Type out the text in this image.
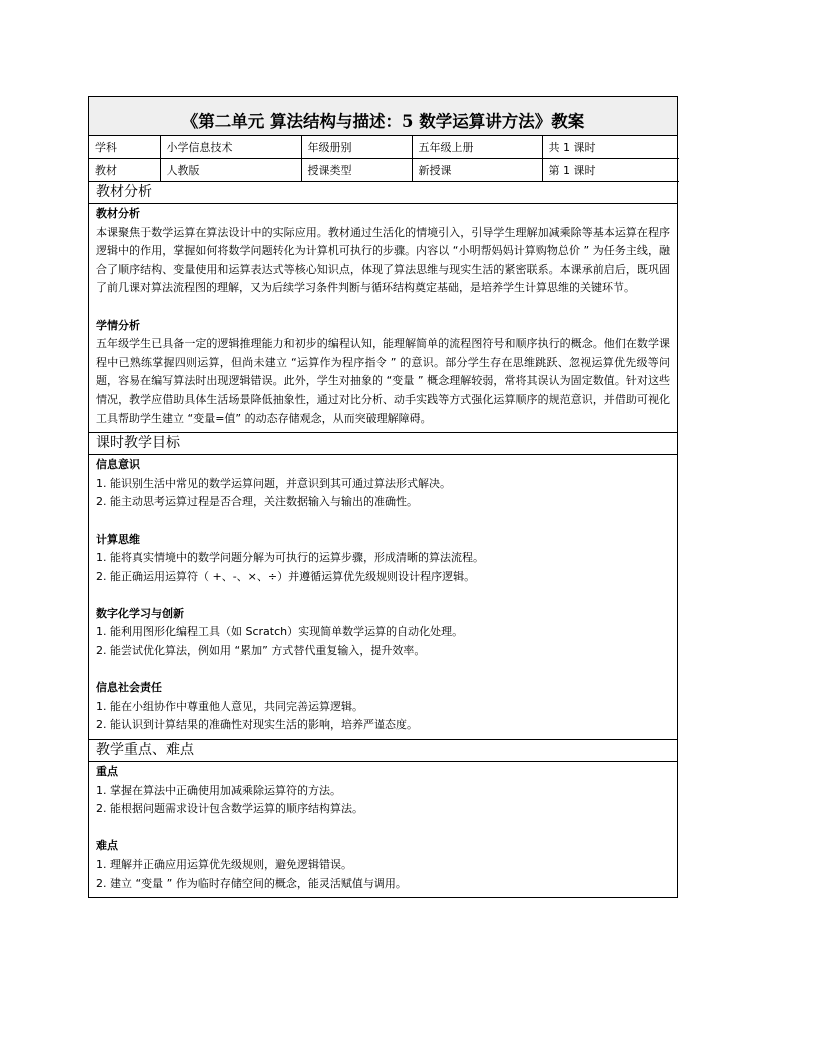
《第二单元 算法结构与描述：5 数学运算讲方法》教案
学科	小学信息技术	年级册别	五年级上册	共 1 课时
教材	人教版	授课类型	新授课	第 1 课时
教材分析
教材分析

本课聚焦于数学运算在算法设计中的实际应用。教材通过生活化的情境引入，引导学生理解加减乘除等基本运算在程序逻辑中的作用，掌握如何将数学问题转化为计算机可执行的步骤。内容以 “小明帮妈妈计算购物总价 ” 为任务主线，融合了顺序结构、变量使用和运算表达式等核心知识点，体现了算法思维与现实生活的紧密联系。本课承前启后，既巩固了前几课对算法流程图的理解，又为后续学习条件判断与循环结构奠定基础，是培养学生计算思维的关键环节。

学情分析

五年级学生已具备一定的逻辑推理能力和初步的编程认知，能理解简单的流程图符号和顺序执行的概念。他们在数学课程中已熟练掌握四则运算，但尚未建立 “运算作为程序指令 ” 的意识。部分学生存在思维跳跃、忽视运算优先级等问题，容易在编写算法时出现逻辑错误。此外，学生对抽象的 “变量 ” 概念理解较弱，常将其误认为固定数值。针对这些情况，教学应借助具体生活场景降低抽象性，通过对比分析、动手实践等方式强化运算顺序的规范意识，并借助可视化工具帮助学生建立 “变量=值” 的动态存储观念，从而突破理解障碍。

课时教学目标
信息意识
1. 能识别生活中常见的数学运算问题，并意识到其可通过算法形式解决。
2. 能主动思考运算过程是否合理，关注数据输入与输出的准确性。
计算思维
1. 能将真实情境中的数学问题分解为可执行的运算步骤，形成清晰的算法流程。
2. 能正确运用运算符（ +、-、×、÷）并遵循运算优先级规则设计程序逻辑。
数字化学习与创新
1. 能利用图形化编程工具（如 Scratch）实现简单数学运算的自动化处理。
2. 能尝试优化算法，例如用 “累加” 方式替代重复输入，提升效率。
信息社会责任
1. 能在小组协作中尊重他人意见，共同完善运算逻辑。
2. 能认识到计算结果的准确性对现实生活的影响，培养严谨态度。
教学重点、难点
重点
1. 掌握在算法中正确使用加减乘除运算符的方法。
2. 能根据问题需求设计包含数学运算的顺序结构算法。
难点
1. 理解并正确应用运算优先级规则，避免逻辑错误。
2. 建立 “变量 ” 作为临时存储空间的概念，能灵活赋值与调用。
